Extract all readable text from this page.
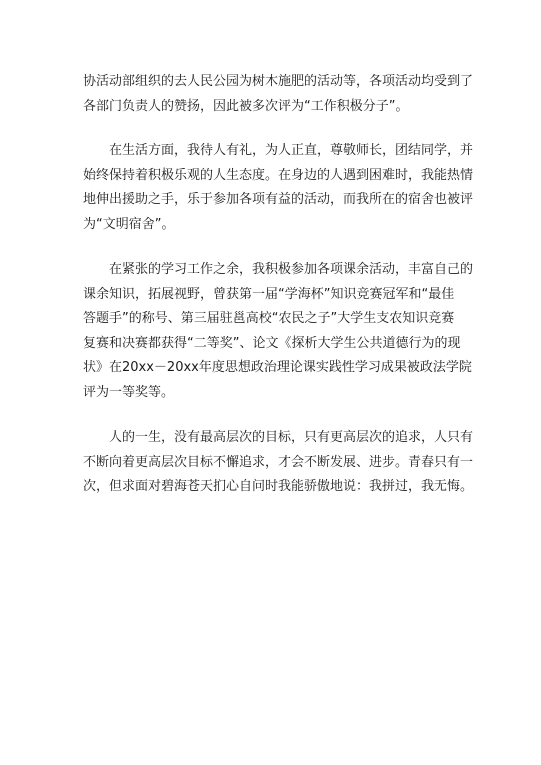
协活动部组织的去人民公园为树木施肥的活动等，各项活动均受到了
各部门负责人的赞扬，因此被多次评为“工作积极分子”。

在生活方面，我待人有礼，为人正直，尊敬师长，团结同学，并
始终保持着积极乐观的人生态度。在身边的人遇到困难时，我能热情
地伸出援助之手，乐于参加各项有益的活动，而我所在的宿舍也被评
为“文明宿舍”。

在紧张的学习工作之余，我积极参加各项课余活动，丰富自己的
课余知识，拓展视野，曾获第一届“学海杯”知识竞赛冠军和“最佳
答题手”的称号、第三届驻邕高校“农民之子”大学生支农知识竞赛
复赛和决赛都获得“二等奖”、论文《探析大学生公共道德行为的现
状》在20xx－20xx年度思想政治理论课实践性学习成果被政法学院
评为一等奖等。

人的一生，没有最高层次的目标，只有更高层次的追求，人只有
不断向着更高层次目标不懈追求，才会不断发展、进步。青春只有一
次，但求面对碧海苍天扪心自问时我能骄傲地说：我拼过，我无悔。
